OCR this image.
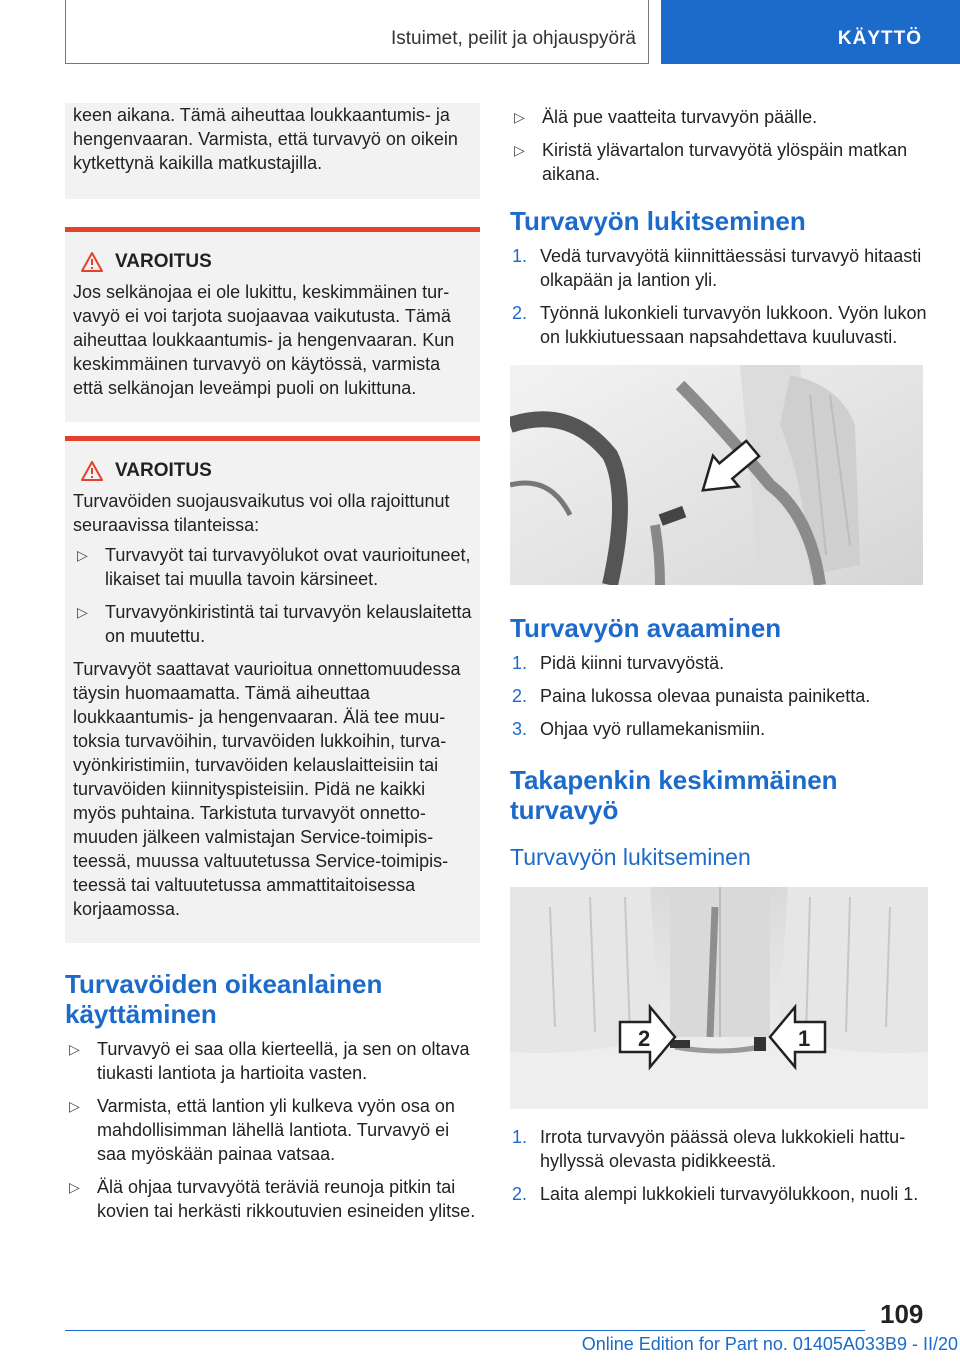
Istuimet, peilit ja ohjauspyörä	KÄYTTÖ

keen aikana. Tämä aiheuttaa loukkaantumis- ja hengenvaaran. Varmista, että turvavyö on oikein kytkettynä kaikilla matkustajilla.

VAROITUS

Jos selkänojaa ei ole lukittu, keskimmäinen turvavyö ei voi tarjota suojaavaa vaikutusta. Tämä aiheuttaa loukkaantumis- ja hengenvaaran. Kun keskimmäinen turvavyö on käytössä, varmista että selkänojan leveämpi puoli on lukittuna.

VAROITUS

Turvavöiden suojausvaikutus voi olla rajoittunut seuraavissa tilanteissa:

▷ Turvavyöt tai turvavyölukot ovat vaurioituneet, likaiset tai muulla tavoin kärsineet.
▷ Turvavyönkiristintä tai turvavyön kelauslaitetta on muutettu.

Turvavyöt saattavat vaurioitua onnettomuudessa täysin huomaamatta. Tämä aiheuttaa loukkaantumis- ja hengenvaaran. Älä tee muutoksia turvavöihin, turvavöiden lukkoihin, turvavyönkiristimiin, turvavöiden kelauslaitteisiin tai turvavöiden kiinnityspisteisiin. Pidä ne kaikki myös puhtaina. Tarkistuta turvavyöt onnettomuuden jälkeen valmistajan Service-toimipisteessä, muussa valtuutetussa Service-toimipisteessä tai valtuutetussa ammattitaitoisessa korjaamossa.

Turvavöiden oikeanlainen käyttäminen
▷ Turvavyö ei saa olla kierteellä, ja sen on oltava tiukasti lantiota ja hartioita vasten.
▷ Varmista, että lantion yli kulkeva vyön osa on mahdollisimman lähellä lantiota. Turvavyö ei saa myöskään painaa vatsaa.
▷ Älä ohjaa turvavyötä teräviä reunoja pitkin tai kovien tai herkästi rikkoutuvien esineiden ylitse.
▷ Älä pue vaatteita turvavyön päälle.
▷ Kiristä ylävartalon turvavyötä ylöspäin matkan aikana.
Turvavyön lukitseminen
1. Vedä turvavyötä kiinnittäessäsi turvavyö hitaasti olkapään ja lantion yli.
2. Työnnä lukonkieli turvavyön lukkoon. Vyön lukon on lukkiutuessaan napsahdettava kuuluvasti.
Turvavyön avaaminen
1. Pidä kiinni turvavyöstä.
2. Paina lukossa olevaa punaista painiketta.
3. Ohjaa vyö rullamekanismiin.
Takapenkin keskimmäinen turvavyö
Turvavyön lukitseminen
2	1
1. Irrota turvavyön päässä oleva lukkokieli hattuhyllyssä olevasta pidikkeestä.
2. Laita alempi lukkokieli turvavyölukkoon, nuoli 1.
109
Online Edition for Part no. 01405A033B9 - II/20
